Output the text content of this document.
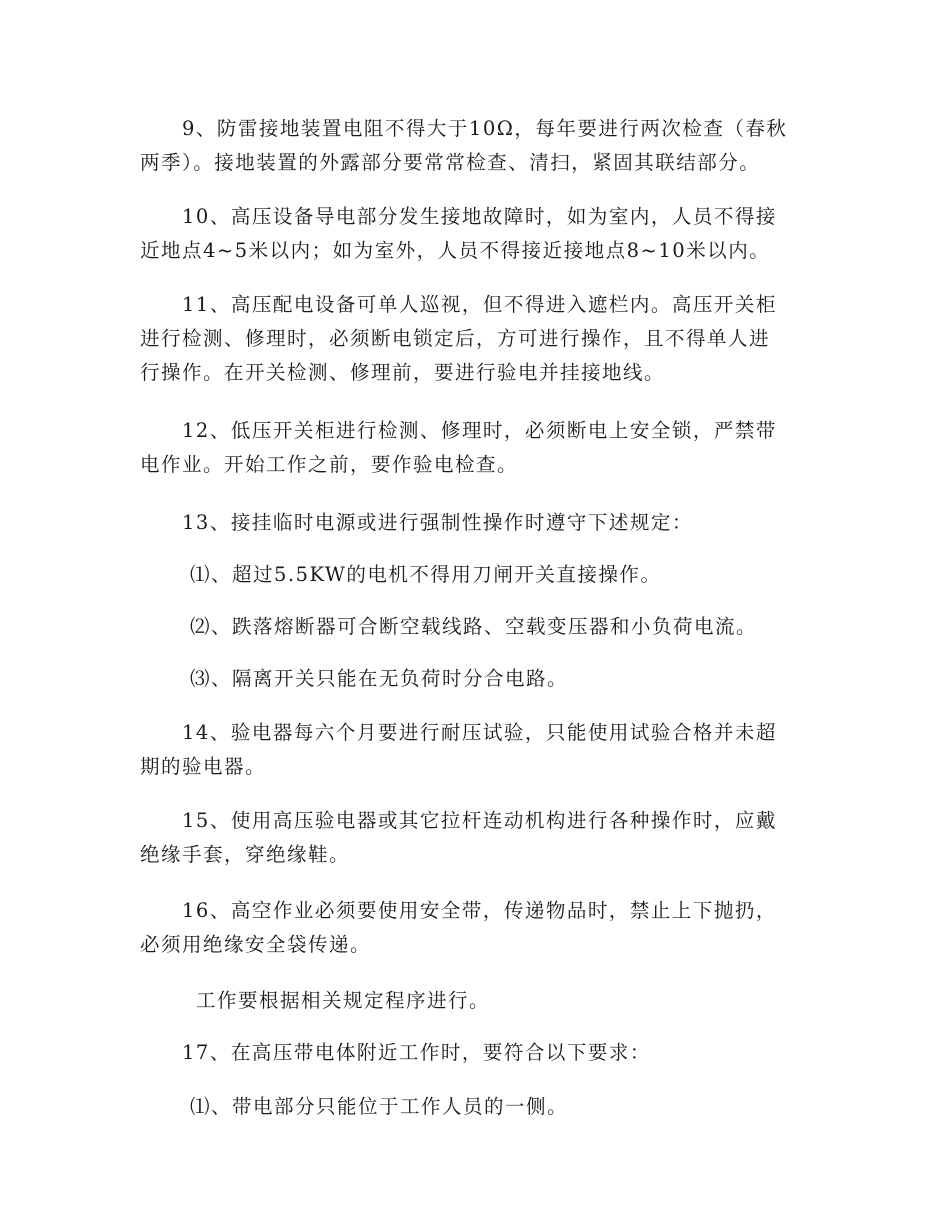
9、防雷接地装置电阻不得大于10Ω，每年要进行两次检查（春秋
两季）。接地装置的外露部分要常常检查、清扫，紧固其联结部分。

10、高压设备导电部分发生接地故障时，如为室内，人员不得接
近地点4~5米以内；如为室外，人员不得接近接地点8~10米以内。

11、高压配电设备可单人巡视，但不得进入遮栏内。高压开关柜
进行检测、修理时，必须断电锁定后，方可进行操作，且不得单人进
行操作。在开关检测、修理前，要进行验电并挂接地线。

12、低压开关柜进行检测、修理时，必须断电上安全锁，严禁带
电作业。开始工作之前，要作验电检查。

13、接挂临时电源或进行强制性操作时遵守下述规定：

⑴、超过5.5KW的电机不得用刀闸开关直接操作。

⑵、跌落熔断器可合断空载线路、空载变压器和小负荷电流。

⑶、隔离开关只能在无负荷时分合电路。

14、验电器每六个月要进行耐压试验，只能使用试验合格并未超
期的验电器。

15、使用高压验电器或其它拉杆连动机构进行各种操作时，应戴
绝缘手套，穿绝缘鞋。

16、高空作业必须要使用安全带，传递物品时，禁止上下抛扔，
必须用绝缘安全袋传递。

工作要根据相关规定程序进行。

17、在高压带电体附近工作时，要符合以下要求：

⑴、带电部分只能位于工作人员的一侧。
